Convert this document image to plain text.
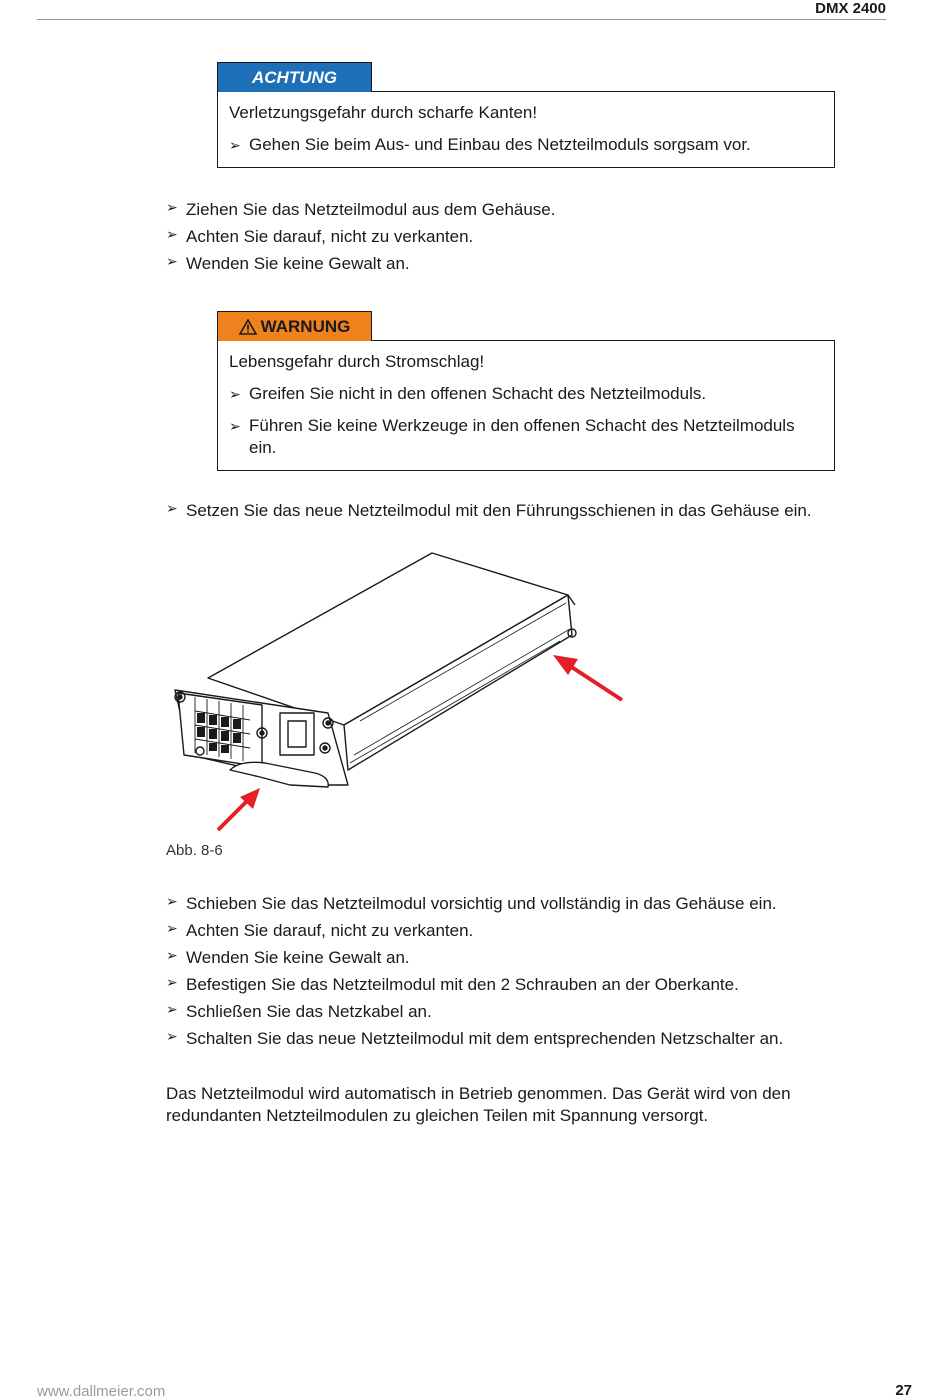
DMX 2400
ACHTUNG

Verletzungsgefahr durch scharfe Kanten!

➢ Gehen Sie beim Aus- und Einbau des Netzteilmoduls sorgsam vor.
➢ Ziehen Sie das Netzteilmodul aus dem Gehäuse.
➢ Achten Sie darauf, nicht zu verkanten.
➢ Wenden Sie keine Gewalt an.
WARNUNG

Lebensgefahr durch Stromschlag!

➢ Greifen Sie nicht in den offenen Schacht des Netzteilmoduls.
➢ Führen Sie keine Werkzeuge in den offenen Schacht des Netzteilmoduls ein.
➢ Setzen Sie das neue Netzteilmodul mit den Führungsschienen in das Gehäuse ein.
Abb. 8-6
➢ Schieben Sie das Netzteilmodul vorsichtig und vollständig in das Gehäuse ein.
➢ Achten Sie darauf, nicht zu verkanten.
➢ Wenden Sie keine Gewalt an.
➢ Befestigen Sie das Netzteilmodul mit den 2 Schrauben an der Oberkante.
➢ Schließen Sie das Netzkabel an.
➢ Schalten Sie das neue Netzteilmodul mit dem entsprechenden Netzschalter an.

Das Netzteilmodul wird automatisch in Betrieb genommen. Das Gerät wird von den redundanten Netzteilmodulen zu gleichen Teilen mit Spannung versorgt.

www.dallmeier.com	27
